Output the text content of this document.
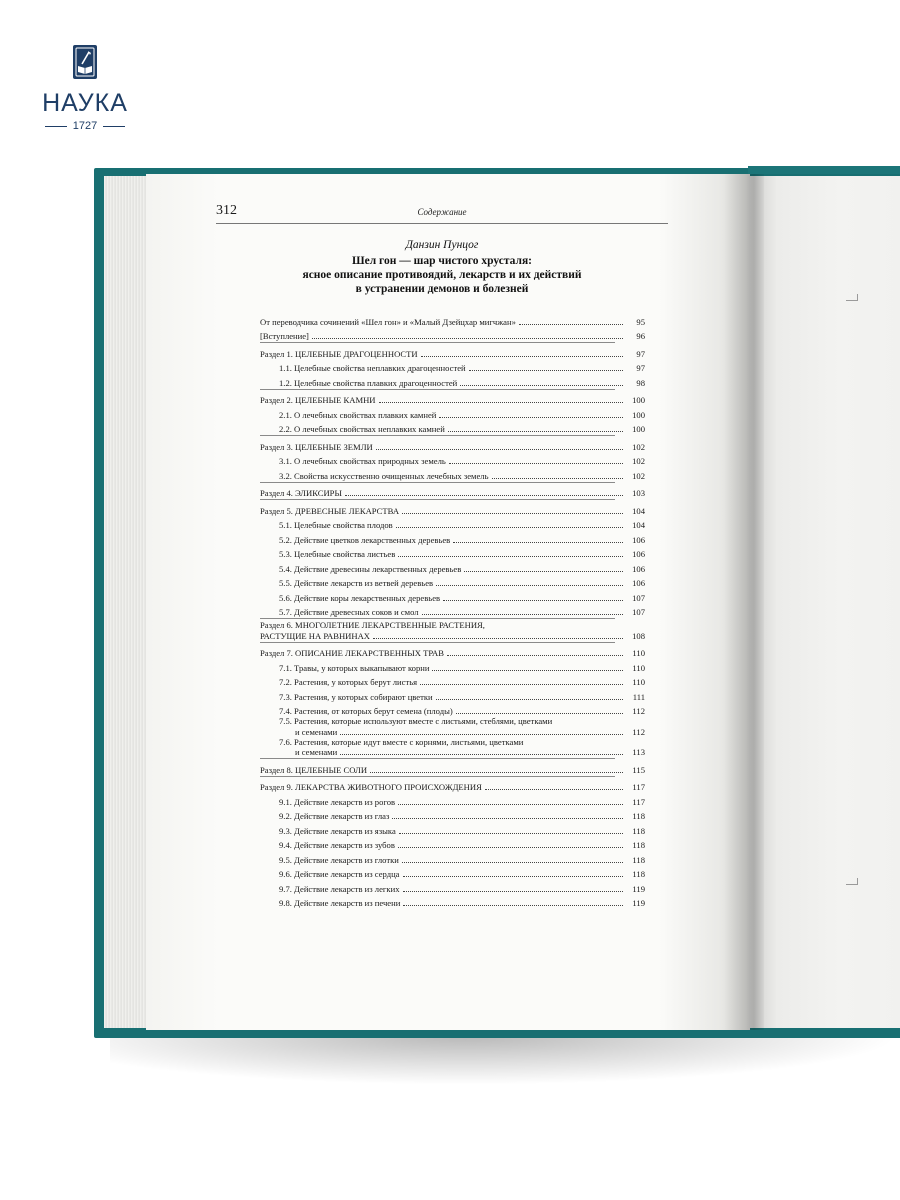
НАУКА
1727
312	Содержание
Данзин Пунцог
Шел гон — шар чистого хрусталя:
ясное описание противоядий, лекарств и их действий
в устранении демонов и болезней
От переводчика сочинений «Шел гон» и «Малый Дзейцхар мигчжан»	95
[Вступление]	96
Раздел 1. ЦЕЛЕБНЫЕ ДРАГОЦЕННОСТИ	97
1.1. Целебные свойства неплавких драгоценностей	97
1.2. Целебные свойства плавких драгоценностей	98
Раздел 2. ЦЕЛЕБНЫЕ КАМНИ	100
2.1. О лечебных свойствах плавких камней	100
2.2. О лечебных свойствах неплавких камней	100
Раздел 3. ЦЕЛЕБНЫЕ ЗЕМЛИ	102
3.1. О лечебных свойствах природных земель	102
3.2. Свойства искусственно очищенных лечебных земель	102
Раздел 4. ЭЛИКСИРЫ	103
Раздел 5. ДРЕВЕСНЫЕ ЛЕКАРСТВА	104
5.1. Целебные свойства плодов	104
5.2. Действие цветков лекарственных деревьев	106
5.3. Целебные свойства листьев	106
5.4. Действие древесины лекарственных деревьев	106
5.5. Действие лекарств из ветвей деревьев	106
5.6. Действие коры лекарственных деревьев	107
5.7. Действие древесных соков и смол	107
Раздел 6. МНОГОЛЕТНИЕ ЛЕКАРСТВЕННЫЕ РАСТЕНИЯ,
РАСТУЩИЕ НА РАВНИНАХ	108
Раздел 7. ОПИСАНИЕ ЛЕКАРСТВЕННЫХ ТРАВ	110
7.1. Травы, у которых выкапывают корни	110
7.2. Растения, у которых берут листья	110
7.3. Растения, у которых собирают цветки	111
7.4. Растения, от которых берут семена (плоды)	112
7.5. Растения, которые используют вместе с листьями, стеблями, цветками
и семенами	112
7.6. Растения, которые идут вместе с корнями, листьями, цветками
и семенами	113
Раздел 8. ЦЕЛЕБНЫЕ СОЛИ	115
Раздел 9. ЛЕКАРСТВА ЖИВОТНОГО ПРОИСХОЖДЕНИЯ	117
9.1. Действие лекарств из рогов	117
9.2. Действие лекарств из глаз	118
9.3. Действие лекарств из языка	118
9.4. Действие лекарств из зубов	118
9.5. Действие лекарств из глотки	118
9.6. Действие лекарств из сердца	118
9.7. Действие лекарств из легких	119
9.8. Действие лекарств из печени	119
